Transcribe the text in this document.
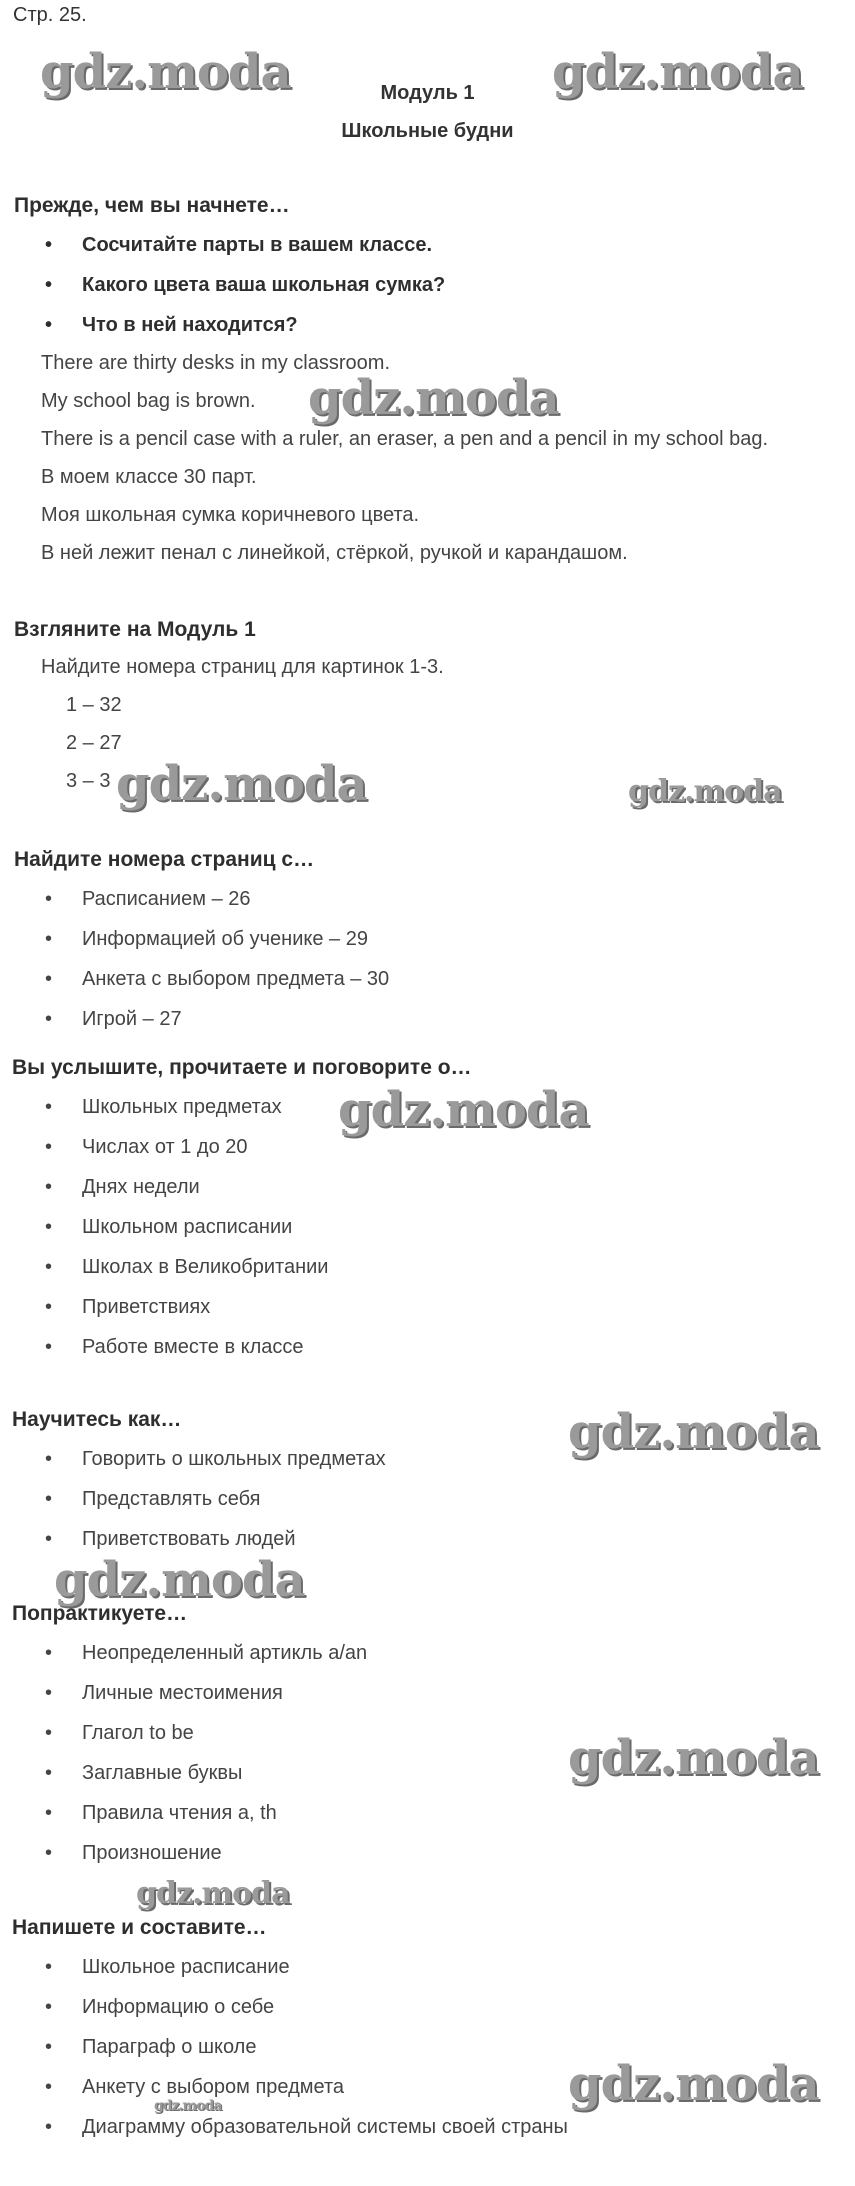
Стр. 25.
Модуль 1
Школьные будни
Прежде, чем вы начнете…
• Сосчитайте парты в вашем классе.
• Какого цвета ваша школьная сумка?
• Что в ней находится?
There are thirty desks in my classroom.
My school bag is brown.
There is a pencil case with a ruler, an eraser, a pen and a pencil in my school bag.
В моем классе 30 парт.
Моя школьная сумка коричневого цвета.
В ней лежит пенал с линейкой, стёркой, ручкой и карандашом.
Взгляните на Модуль 1
Найдите номера страниц для картинок 1-3.
1 – 32
2 – 27
3 – 3
Найдите номера страниц с…
• Расписанием – 26
• Информацией об ученике – 29
• Анкета с выбором предмета – 30
• Игрой – 27
Вы услышите, прочитаете и поговорите о…
• Школьных предметах
• Числах от 1 до 20
• Днях недели
• Школьном расписании
• Школах в Великобритании
• Приветствиях
• Работе вместе в классе
Научитесь как…
• Говорить о школьных предметах
• Представлять себя
• Приветствовать людей
Попрактикуете…
• Неопределенный артикль a/an
• Личные местоимения
• Глагол to be
• Заглавные буквы
• Правила чтения a, th
• Произношение
Напишете и составите…
• Школьное расписание
• Информацию о себе
• Параграф о школе
• Анкету с выбором предмета
• Диаграмму образовательной системы своей страны
gdz.moda	gdz.moda
gdz.moda
gdz.moda	gdz.moda
gdz.moda
gdz.moda
gdz.moda
gdz.moda
gdz.moda
gdz.moda
gdz.moda
